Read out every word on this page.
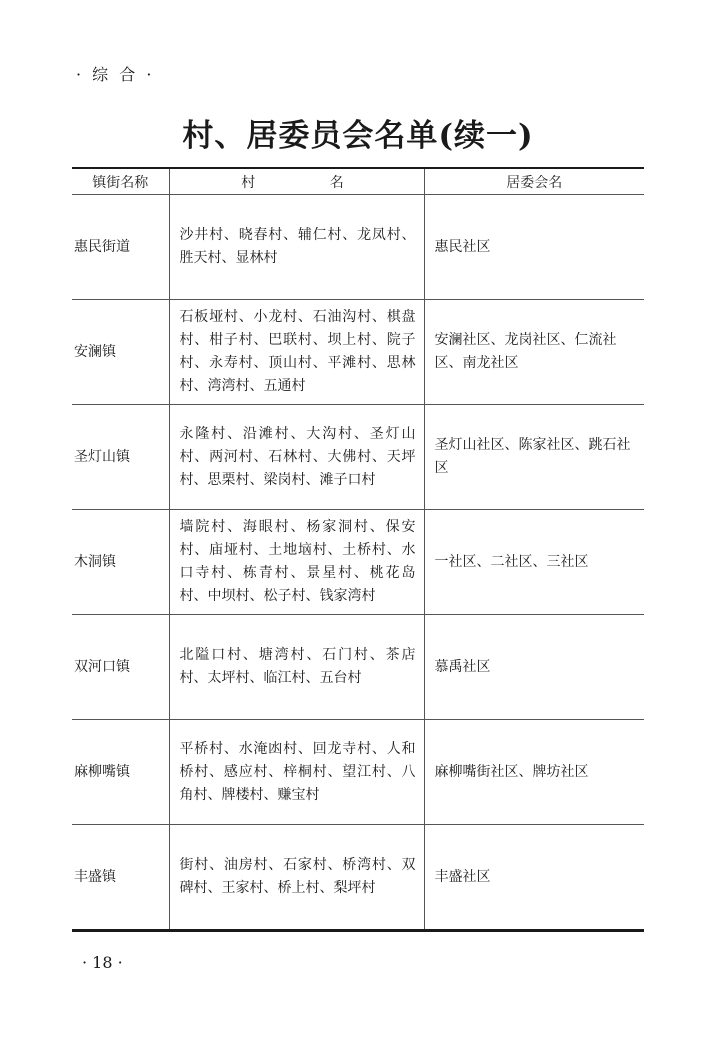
· 综 合 ·
村、居委员会名单(续一)
镇街名称	村 名	居委会名
惠民街道	沙井村、晓春村、辅仁村、龙凤村、胜天村、显林村	惠民社区
安澜镇	石板垭村、小龙村、石油沟村、棋盘村、柑子村、巴联村、坝上村、院子村、永寿村、顶山村、平滩村、思林村、湾湾村、五通村	安澜社区、龙岗社区、仁流社区、南龙社区
圣灯山镇	永隆村、沿滩村、大沟村、圣灯山村、两河村、石林村、大佛村、天坪村、思栗村、梁岗村、滩子口村	圣灯山社区、陈家社区、跳石社区
木洞镇	墙院村、海眼村、杨家洞村、保安村、庙垭村、土地垴村、土桥村、水口寺村、栋青村、景星村、桃花岛村、中坝村、松子村、钱家湾村	一社区、二社区、三社区
双河口镇	北隘口村、塘湾村、石门村、茶店村、太坪村、临江村、五台村	慕禹社区
麻柳嘴镇	平桥村、水淹凼村、回龙寺村、人和桥村、感应村、梓桐村、望江村、八角村、牌楼村、赚宝村	麻柳嘴街社区、牌坊社区
丰盛镇	街村、油房村、石家村、桥湾村、双碑村、王家村、桥上村、梨坪村	丰盛社区
· 18 ·
